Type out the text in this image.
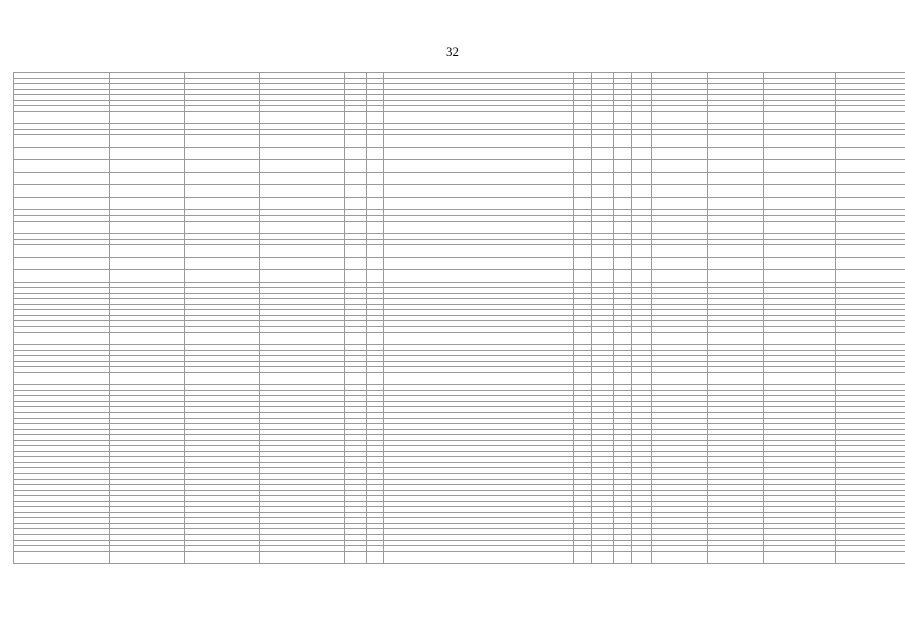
32
